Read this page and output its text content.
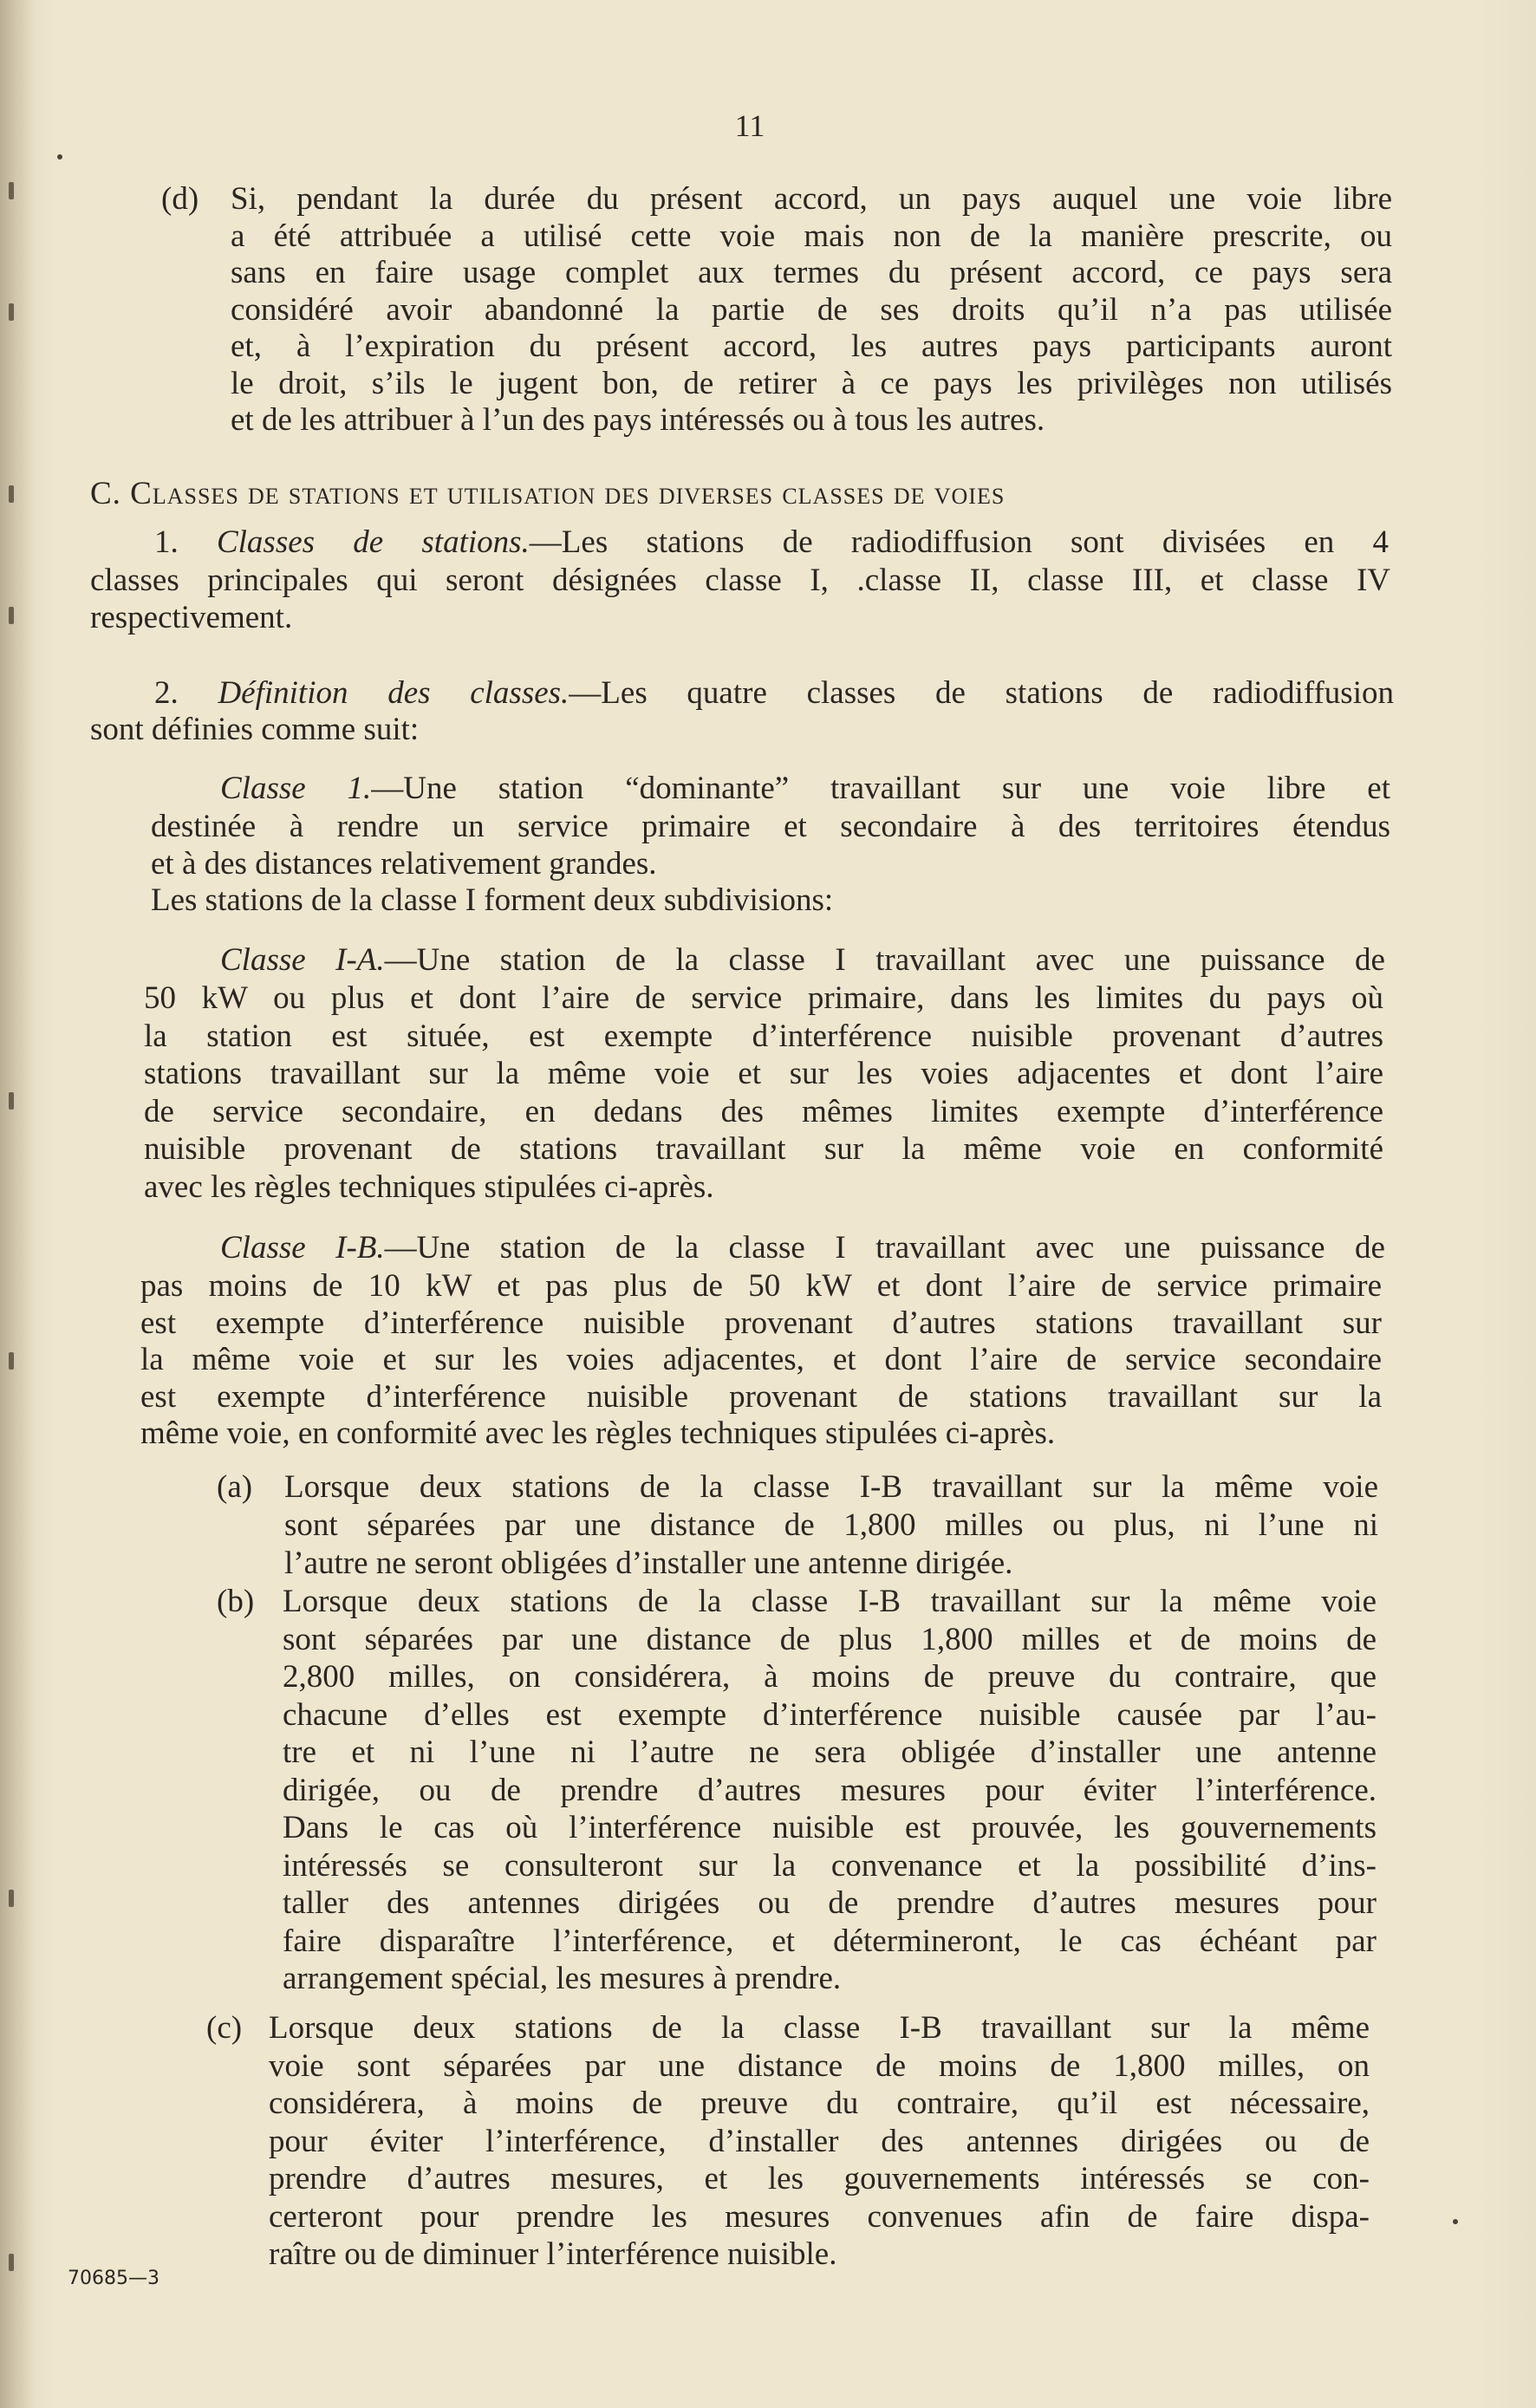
11
(d) Si, pendant la durée du présent accord, un pays auquel une voie libre
a été attribuée a utilisé cette voie mais non de la manière prescrite, ou
sans en faire usage complet aux termes du présent accord, ce pays sera
considéré avoir abandonné la partie de ses droits qu’il n’a pas utilisée
et, à l’expiration du présent accord, les autres pays participants auront
le droit, s’ils le jugent bon, de retirer à ce pays les privilèges non utilisés
et de les attribuer à l’un des pays intéressés ou à tous les autres.
C. Classes de stations et utilisation des diverses classes de voies
1. Classes de stations.—Les stations de radiodiffusion sont divisées en 4
classes principales qui seront désignées classe I, .classe II, classe III, et classe IV
respectivement.
2. Définition des classes.—Les quatre classes de stations de radiodiffusion
sont définies comme suit:
Classe 1.—Une station “dominante” travaillant sur une voie libre et
destinée à rendre un service primaire et secondaire à des territoires étendus
et à des distances relativement grandes.
Les stations de la classe I forment deux subdivisions:
Classe I-A.—Une station de la classe I travaillant avec une puissance de
50 kW ou plus et dont l’aire de service primaire, dans les limites du pays où
la station est située, est exempte d’interférence nuisible provenant d’autres
stations travaillant sur la même voie et sur les voies adjacentes et dont l’aire
de service secondaire, en dedans des mêmes limites exempte d’interférence
nuisible provenant de stations travaillant sur la même voie en conformité
avec les règles techniques stipulées ci-après.
Classe I-B.—Une station de la classe I travaillant avec une puissance de
pas moins de 10 kW et pas plus de 50 kW et dont l’aire de service primaire
est exempte d’interférence nuisible provenant d’autres stations travaillant sur
la même voie et sur les voies adjacentes, et dont l’aire de service secondaire
est exempte d’interférence nuisible provenant de stations travaillant sur la
même voie, en conformité avec les règles techniques stipulées ci-après.
(a) Lorsque deux stations de la classe I-B travaillant sur la même voie
sont séparées par une distance de 1,800 milles ou plus, ni l’une ni
l’autre ne seront obligées d’installer une antenne dirigée.
(b) Lorsque deux stations de la classe I-B travaillant sur la même voie
sont séparées par une distance de plus 1,800 milles et de moins de
2,800 milles, on considérera, à moins de preuve du contraire, que
chacune d’elles est exempte d’interférence nuisible causée par l’au-
tre et ni l’une ni l’autre ne sera obligée d’installer une antenne
dirigée, ou de prendre d’autres mesures pour éviter l’interférence.
Dans le cas où l’interférence nuisible est prouvée, les gouvernements
intéressés se consulteront sur la convenance et la possibilité d’ins-
taller des antennes dirigées ou de prendre d’autres mesures pour
faire disparaître l’interférence, et détermineront, le cas échéant par
arrangement spécial, les mesures à prendre.
(c) Lorsque deux stations de la classe I-B travaillant sur la même
voie sont séparées par une distance de moins de 1,800 milles, on
considérera, à moins de preuve du contraire, qu’il est nécessaire,
pour éviter l’interférence, d’installer des antennes dirigées ou de
prendre d’autres mesures, et les gouvernements intéressés se con-
certeront pour prendre les mesures convenues afin de faire dispa-
raître ou de diminuer l’interférence nuisible.
70685—3
